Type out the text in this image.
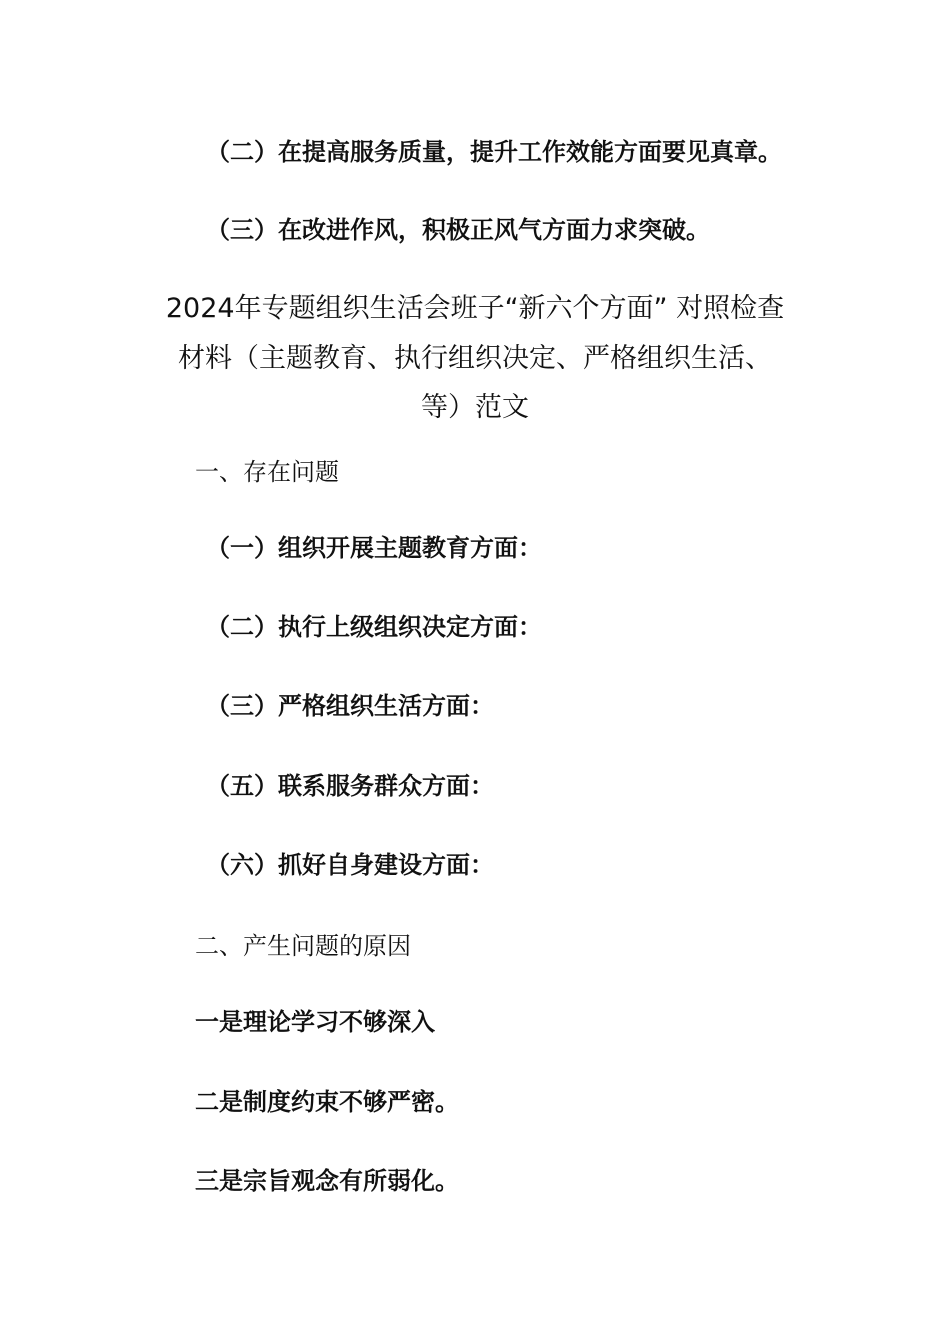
（二）在提高服务质量，提升工作效能方面要见真章。
（三）在改进作风，积极正风气方面力求突破。
2024年专题组织生活会班子“新六个方面” 对照检查
材料（主题教育、执行组织决定、严格组织生活、
等）范文
一、存在问题
（一）组织开展主题教育方面：
（二）执行上级组织决定方面：
（三）严格组织生活方面：
（五）联系服务群众方面：
（六）抓好自身建设方面：
二、产生问题的原因
一是理论学习不够深入
二是制度约束不够严密。
三是宗旨观念有所弱化。
